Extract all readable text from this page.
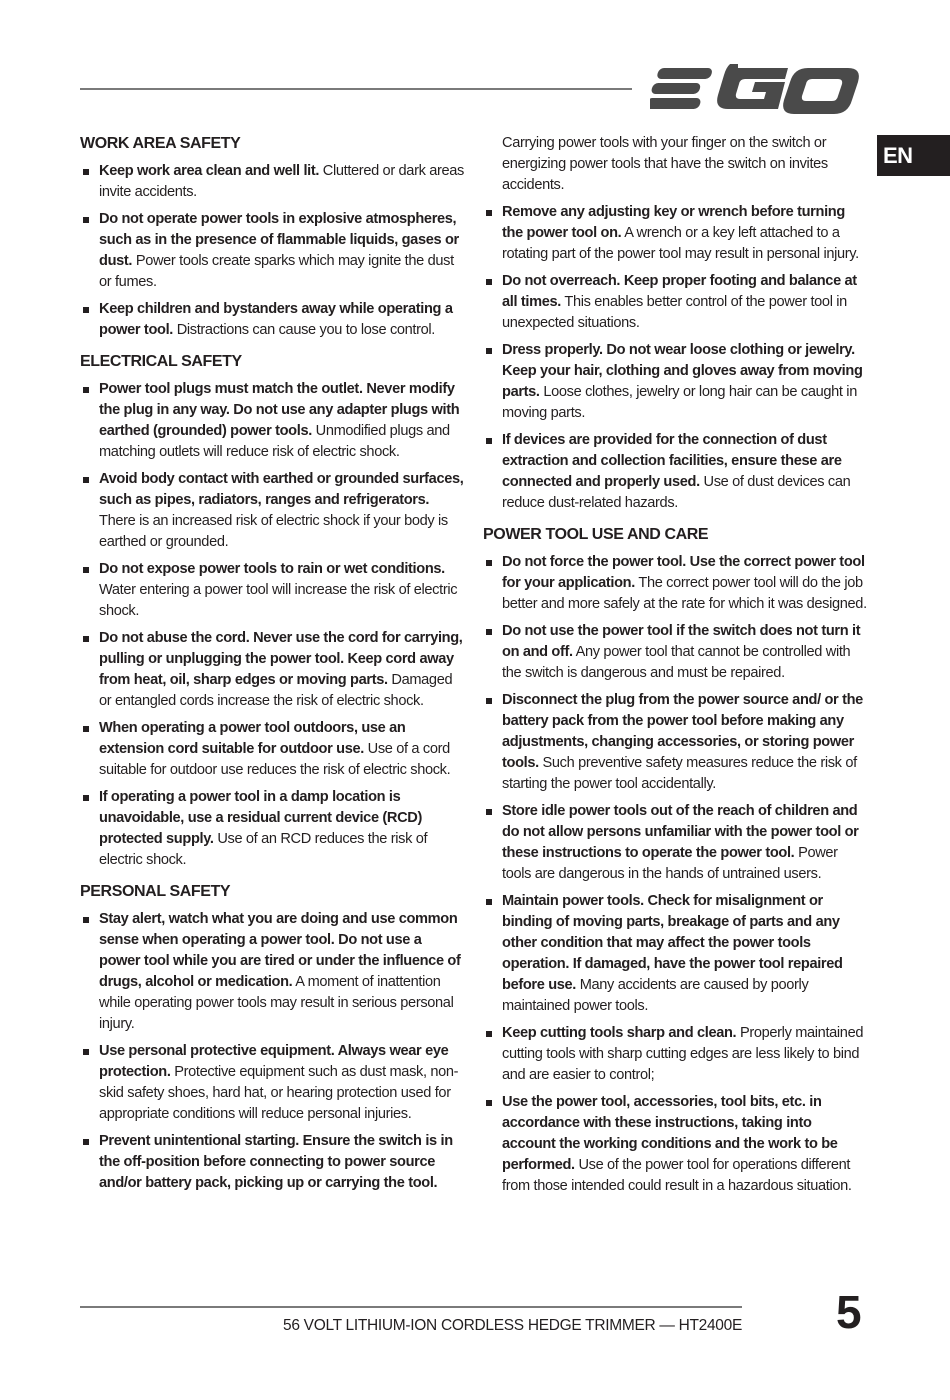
EN
WORK AREA SAFETY
Keep work area clean and well lit. Cluttered or dark areas invite accidents.
Do not operate power tools in explosive atmospheres, such as in the presence of flammable liquids, gases or dust. Power tools create sparks which may ignite the dust or fumes.
Keep children and bystanders away while operating a power tool. Distractions can cause you to lose control.
ELECTRICAL SAFETY
Power tool plugs must match the outlet. Never modify the plug in any way. Do not use any adapter plugs with earthed (grounded) power tools. Unmodified plugs and matching outlets will reduce risk of electric shock.
Avoid body contact with earthed or grounded surfaces, such as pipes, radiators, ranges and refrigerators. There is an increased risk of electric shock if your body is earthed or grounded.
Do not expose power tools to rain or wet conditions. Water entering a power tool will increase the risk of electric shock.
Do not abuse the cord. Never use the cord for carrying, pulling or unplugging the power tool. Keep cord away from heat, oil, sharp edges or moving parts. Damaged or entangled cords increase the risk of electric shock.
When operating a power tool outdoors, use an extension cord suitable for outdoor use. Use of a cord suitable for outdoor use reduces the risk of electric shock.
If operating a power tool in a damp location is unavoidable, use a residual current device (RCD) protected supply. Use of an RCD reduces the risk of electric shock.
PERSONAL SAFETY
Stay alert, watch what you are doing and use common sense when operating a power tool. Do not use a power tool while you are tired or under the influence of drugs, alcohol or medication. A moment of inattention while operating power tools may result in serious personal injury.
Use personal protective equipment. Always wear eye protection. Protective equipment such as dust mask, non-skid safety shoes, hard hat, or hearing protection used for appropriate conditions will reduce personal injuries.
Prevent unintentional starting. Ensure the switch is in the off-position before connecting to power source and/or battery pack, picking up or carrying the tool.

Carrying power tools with your finger on the switch or energizing power tools that have the switch on invites accidents.

Remove any adjusting key or wrench before turning the power tool on. A wrench or a key left attached to a rotating part of the power tool may result in personal injury.
Do not overreach. Keep proper footing and balance at all times. This enables better control of the power tool in unexpected situations.
Dress properly. Do not wear loose clothing or jewelry. Keep your hair, clothing and gloves away from moving parts. Loose clothes, jewelry or long hair can be caught in moving parts.
If devices are provided for the connection of dust extraction and collection facilities, ensure these are connected and properly used. Use of dust devices can reduce dust-related hazards.
POWER TOOL USE AND CARE
Do not force the power tool. Use the correct power tool for your application. The correct power tool will do the job better and more safely at the rate for which it was designed.
Do not use the power tool if the switch does not turn it on and off. Any power tool that cannot be controlled with the switch is dangerous and must be repaired.
Disconnect the plug from the power source and/ or the battery pack from the power tool before making any adjustments, changing accessories, or storing power tools. Such preventive safety measures reduce the risk of starting the power tool accidentally.
Store idle power tools out of the reach of children and do not allow persons unfamiliar with the power tool or these instructions to operate the power tool. Power tools are dangerous in the hands of untrained users.
Maintain power tools. Check for misalignment or binding of moving parts, breakage of parts and any other condition that may affect the power tools operation. If damaged, have the power tool repaired before use. Many accidents are caused by poorly maintained power tools.
Keep cutting tools sharp and clean. Properly maintained cutting tools with sharp cutting edges are less likely to bind and are easier to control;
Use the power tool, accessories, tool bits, etc. in accordance with these instructions, taking into account the working conditions and the work to be performed. Use of the power tool for operations different from those intended could result in a hazardous situation.
56 VOLT LITHIUM-ION CORDLESS HEDGE TRIMMER — HT2400E 5
